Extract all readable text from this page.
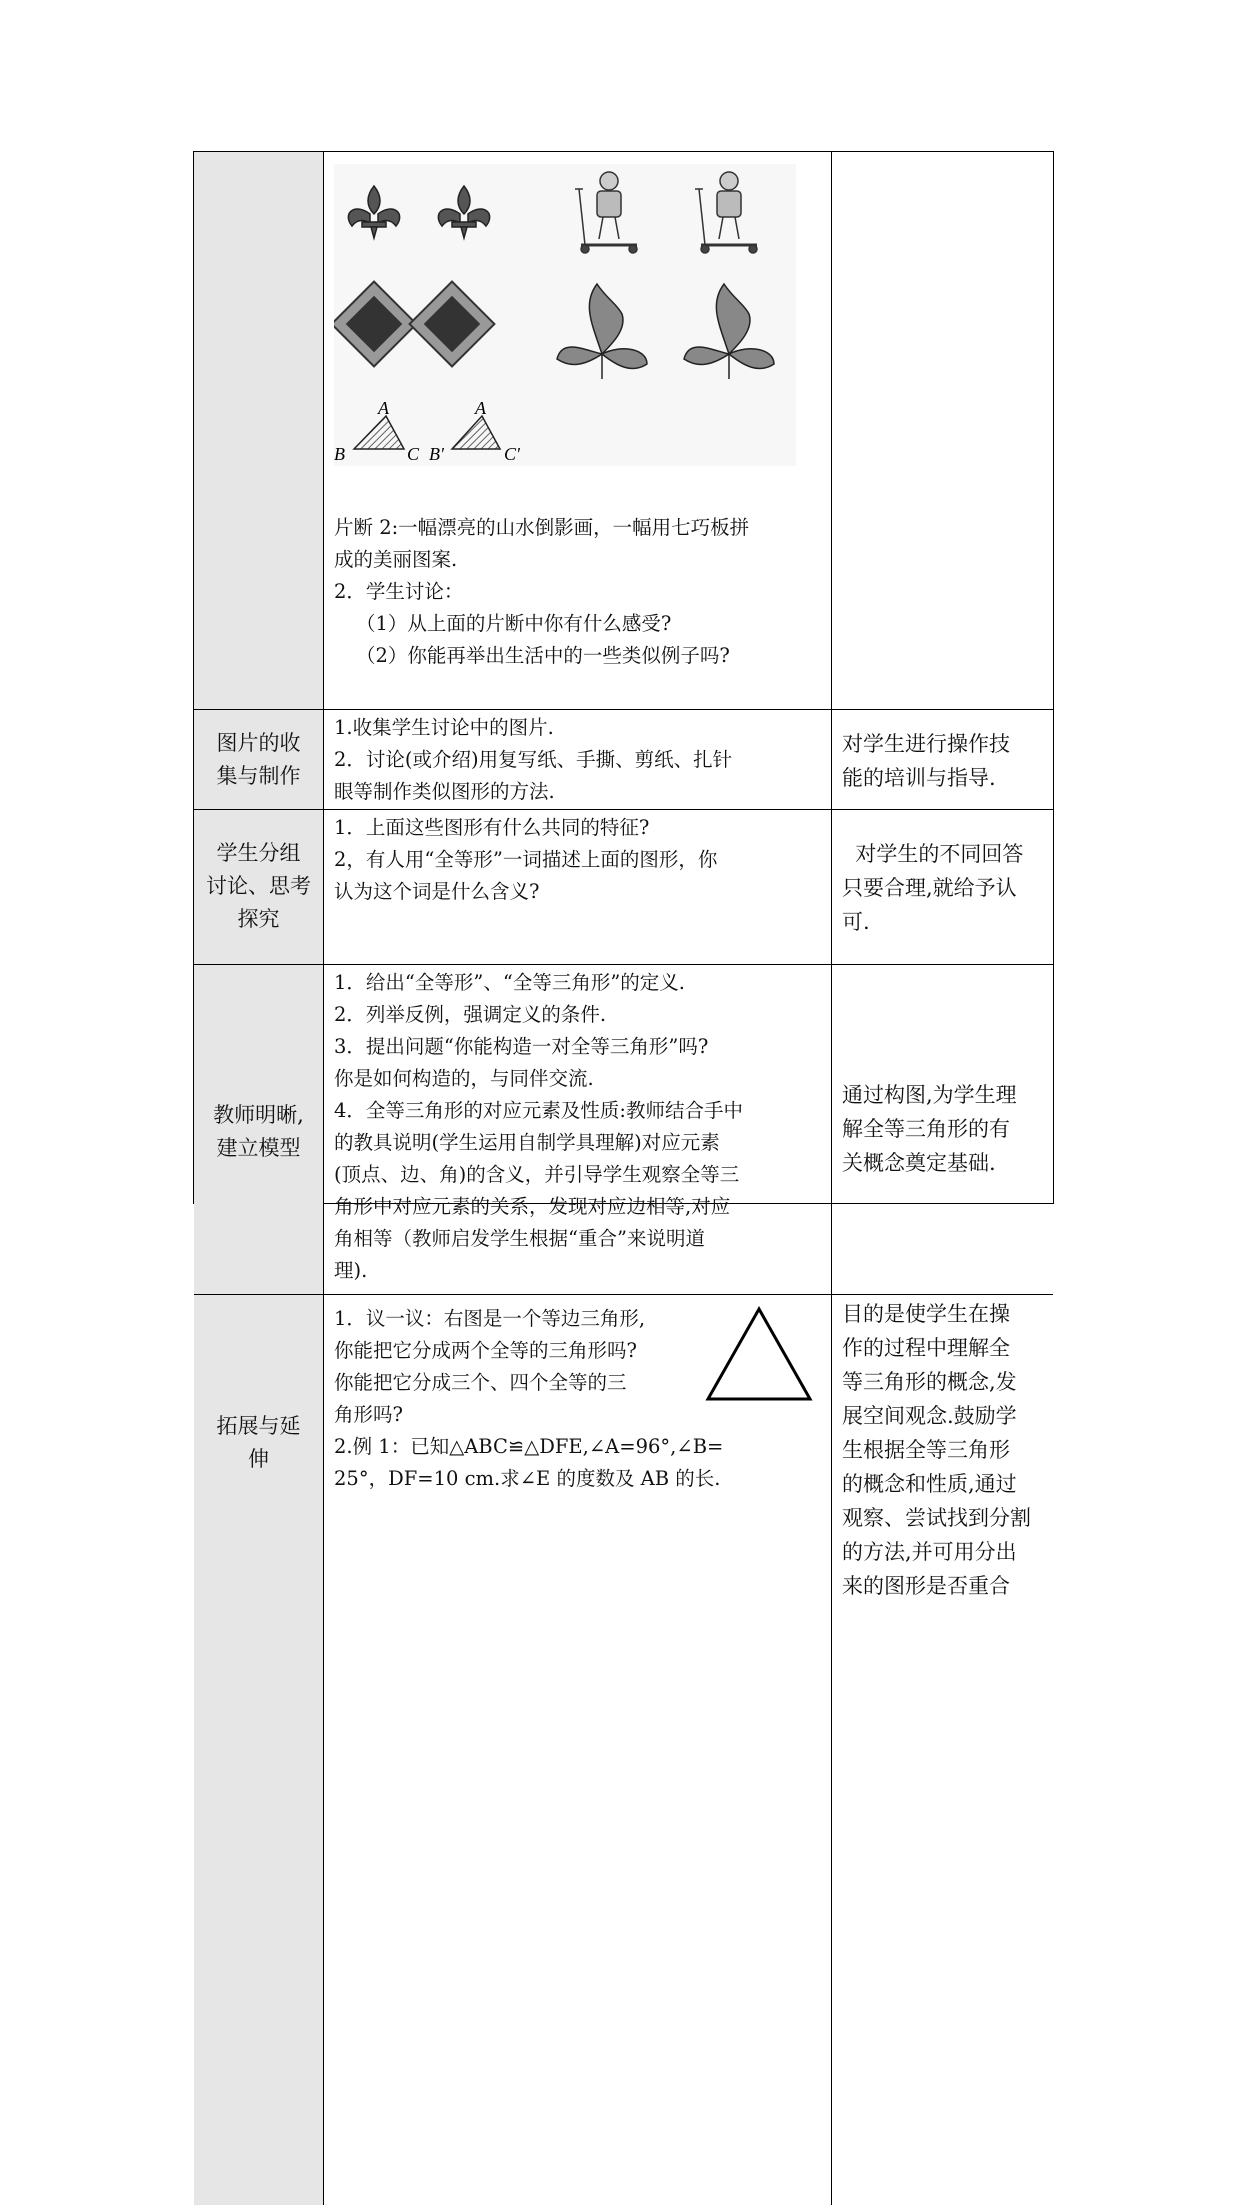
A
B	C
A
B'	C'
片断 2:一幅漂亮的山水倒影画，一幅用七巧板拼
成的美丽图案.
2．学生讨论：
（1）从上面的片断中你有什么感受?
（2）你能再举出生活中的一些类似例子吗?
图片的收
集与制作
1.收集学生讨论中的图片.
2．讨论(或介绍)用复写纸、手撕、剪纸、扎针
眼等制作类似图形的方法.
对学生进行操作技
能的培训与指导.
学生分组
讨论、思考
探究
1．上面这些图形有什么共同的特征?
2，有人用“全等形”一词描述上面的图形，你
认为这个词是什么含义?
对学生的不同回答
只要合理,就给予认
可.
教师明晰,
建立模型
1．给出“全等形”、“全等三角形”的定义.
2．列举反例，强调定义的条件.
3．提出问题“你能构造一对全等三角形”吗?
你是如何构造的，与同伴交流.
4．全等三角形的对应元素及性质:教师结合手中
的教具说明(学生运用自制学具理解)对应元素
(顶点、边、角)的含义，并引导学生观察全等三
角形中对应元素的关系，发现对应边相等,对应
角相等（教师启发学生根据“重合”来说明道
理).
通过构图,为学生理
解全等三角形的有
关概念奠定基础.
拓展与延
伸
1．议一议：右图是一个等边三角形,
你能把它分成两个全等的三角形吗?
你能把它分成三个、四个全等的三
角形吗?
2.例 1：已知△ABC≌△DFE,∠A=96°,∠B=
25°，DF=10 cm.求∠E 的度数及 AB 的长.
目的是使学生在操
作的过程中理解全
等三角形的概念,发
展空间观念.鼓励学
生根据全等三角形
的概念和性质,通过
观察、尝试找到分割
的方法,并可用分出
来的图形是否重合
